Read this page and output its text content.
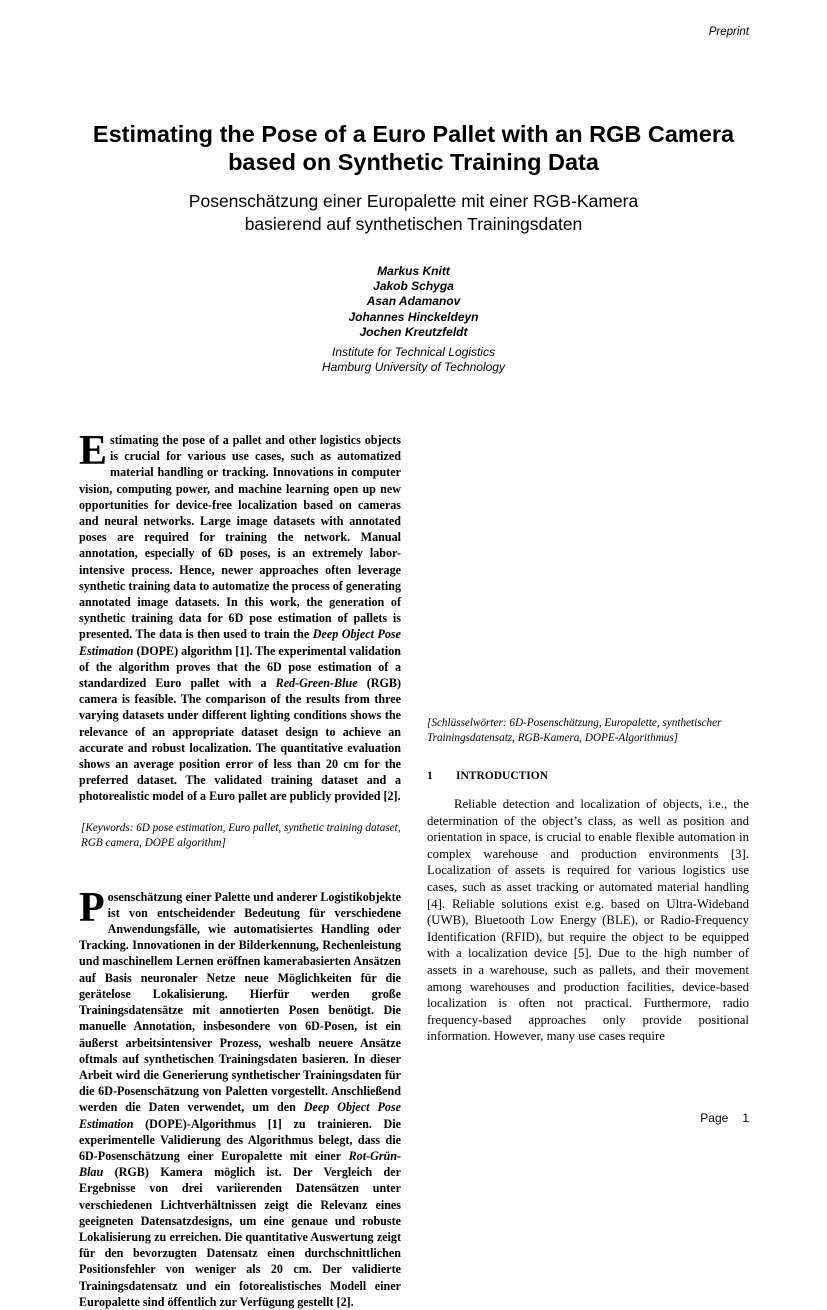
Preprint
Estimating the Pose of a Euro Pallet with an RGB Camera
based on Synthetic Training Data
Posenschätzung einer Europalette mit einer RGB-Kamera
basierend auf synthetischen Trainingsdaten
Markus Knitt
Jakob Schyga
Asan Adamanov
Johannes Hinckeldeyn
Jochen Kreutzfeldt
Institute for Technical Logistics
Hamburg University of Technology

Estimating the pose of a pallet and other logistics objects is crucial for various use cases, such as automatized material handling or tracking. Innovations in computer vision, computing power, and machine learning open up new opportunities for device-free localization based on cameras and neural networks. Large image datasets with annotated poses are required for training the network. Manual annotation, especially of 6D poses, is an extremely labor-intensive process. Hence, newer approaches often leverage synthetic training data to automatize the process of generating annotated image datasets. In this work, the generation of synthetic training data for 6D pose estimation of pallets is presented. The data is then used to train the Deep Object Pose Estimation (DOPE) algorithm [1]. The experimental validation of the algorithm proves that the 6D pose estimation of a standardized Euro pallet with a Red-Green-Blue (RGB) camera is feasible. The comparison of the results from three varying datasets under different lighting conditions shows the relevance of an appropriate dataset design to achieve an accurate and robust localization. The quantitative evaluation shows an average position error of less than 20 cm for the preferred dataset. The validated training dataset and a photorealistic model of a Euro pallet are publicly provided [2].

[Keywords: 6D pose estimation, Euro pallet, synthetic training dataset, RGB camera, DOPE algorithm]

Posenschätzung einer Palette und anderer Logistikobjekte ist von entscheidender Bedeutung für verschiedene Anwendungsfälle, wie automatisiertes Handling oder Tracking. Innovationen in der Bilderkennung, Rechenleistung und maschinellem Lernen eröffnen kamerabasierten Ansätzen auf Basis neuronaler Netze neue Möglichkeiten für die gerätelose Lokalisierung. Hierfür werden große Trainingsdatensätze mit annotierten Posen benötigt. Die manuelle Annotation, insbesondere von 6D-Posen, ist ein äußerst arbeitsintensiver Prozess, weshalb neuere Ansätze oftmals auf synthetischen Trainingsdaten basieren. In dieser Arbeit wird die Generierung synthetischer Trainingsdaten für die 6D-Posenschätzung von Paletten vorgestellt. Anschließend werden die Daten verwendet, um den Deep Object Pose Estimation (DOPE)-Algorithmus [1] zu trainieren. Die experimentelle Validierung des Algorithmus belegt, dass die 6D-Posenschätzung einer Europalette mit einer Rot-Grün-Blau (RGB) Kamera möglich ist. Der Vergleich der Ergebnisse von drei variierenden Datensätzen unter verschiedenen Lichtverhältnissen zeigt die Relevanz eines geeigneten Datensatzdesigns, um eine genaue und robuste Lokalisierung zu erreichen. Die quantitative Auswertung zeigt für den bevorzugten Datensatz einen durchschnittlichen Positionsfehler von weniger als 20 cm. Der validierte Trainingsdatensatz und ein fotorealistisches Modell einer Europalette sind öffentlich zur Verfügung gestellt [2].

[Schlüsselwörter: 6D-Posenschätzung, Europalette, synthetischer Trainingsdatensatz, RGB-Kamera, DOPE-Algorithmus]

1 INTRODUCTION

Reliable detection and localization of objects, i.e., the determination of the object’s class, as well as position and orientation in space, is crucial to enable flexible automation in complex warehouse and production environments [3]. Localization of assets is required for various logistics use cases, such as asset tracking or automated material handling [4]. Reliable solutions exist e.g. based on Ultra-Wideband (UWB), Bluetooth Low Energy (BLE), or Radio-Frequency Identification (RFID), but require the object to be equipped with a localization device [5]. Due to the high number of assets in a warehouse, such as pallets, and their movement among warehouses and production facilities, device-based localization is often not practical. Furthermore, radio frequency-based approaches only provide positional information. However, many use cases require

Page 1
